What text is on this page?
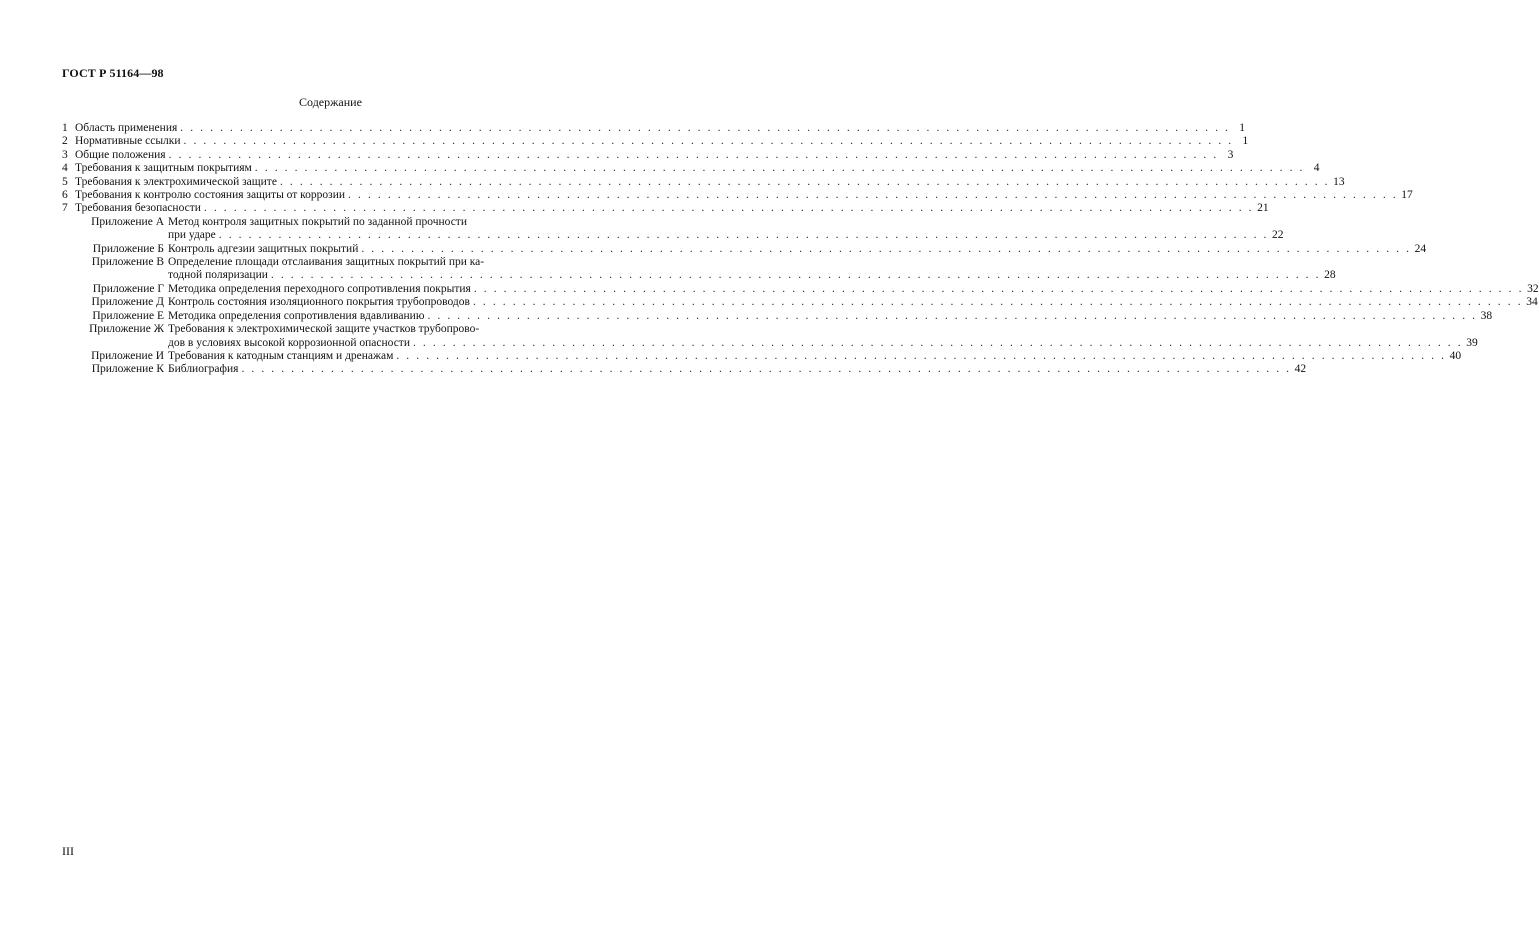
ГОСТ Р 51164—98
Содержание
1 Область применения . . .	1
2 Нормативные ссылки . . .	1
3 Общие положения . . .	3
4 Требования к защитным покрытиям . . .	4
5 Требования к электрохимической защите . . .	13
6 Требования к контролю состояния защиты от коррозии . . .	17
7 Требования безопасности . . .	21
Приложение А Метод контроля защитных покрытий по заданной прочности
при ударе . . .	22
Приложение Б Контроль адгезии защитных покрытий . . .	24
Приложение В Определение площади отслаивания защитных покрытий при ка-
тодной поляризации . . .	28
Приложение Г Методика определения переходного сопротивления покрытия . . .	32
Приложение Д Контроль состояния изоляционного покрытия трубопроводов . . .	34
Приложение Е Методика определения сопротивления вдавливанию . . .	38
Приложение Ж Требования к электрохимической защите участков трубопрово-
дов в условиях высокой коррозионной опасности . . .	39
Приложение И Требования к катодным станциям и дренажам . . .	40
Приложение К Библиография . . .	42
III
